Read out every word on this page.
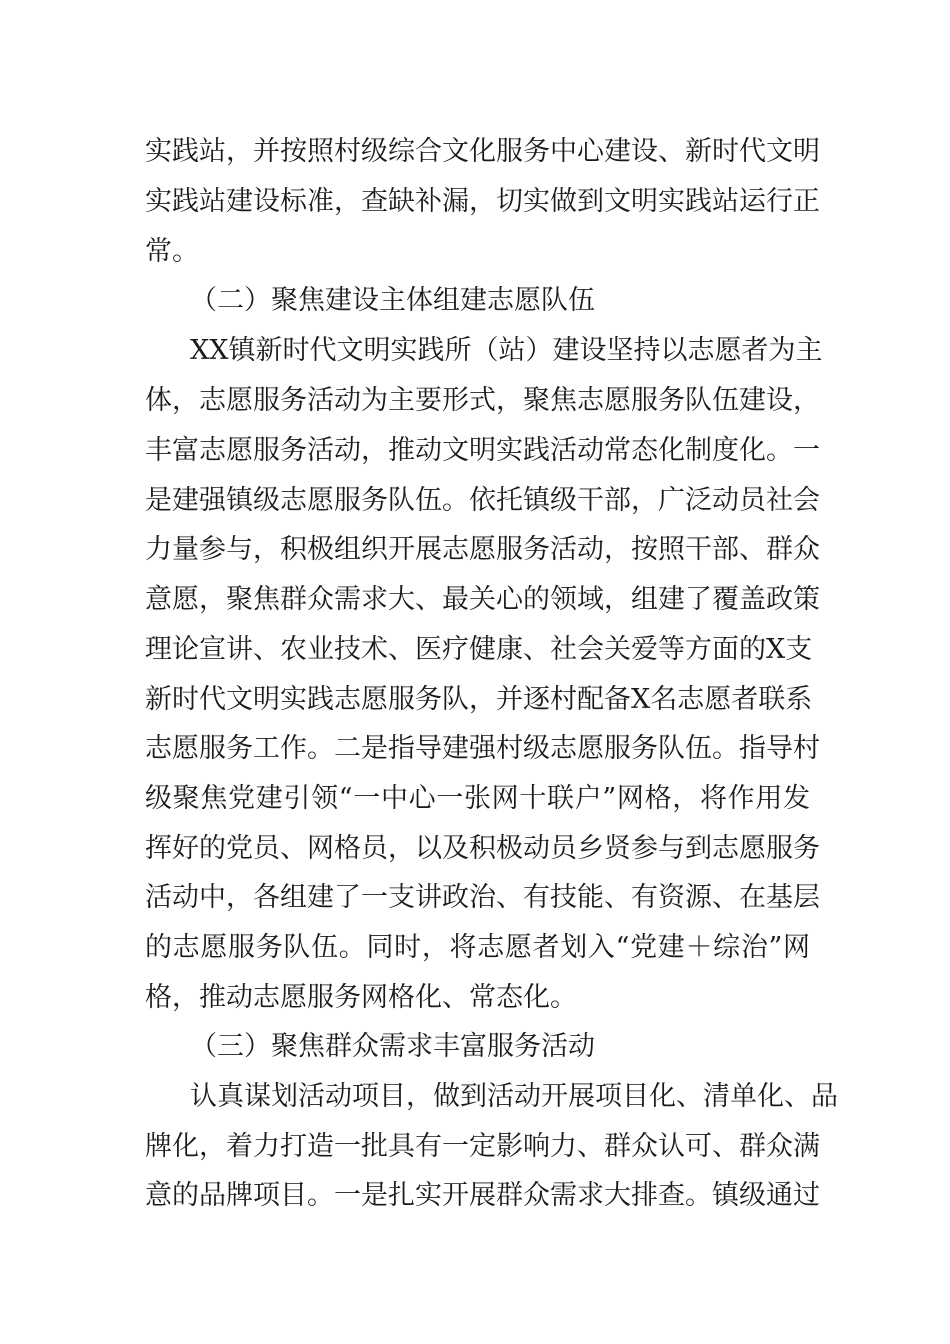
实践站，并按照村级综合文化服务中心建设、新时代文明
实践站建设标准，查缺补漏，切实做到文明实践站运行正
常。
（二）聚焦建设主体组建志愿队伍
XX镇新时代文明实践所（站）建设坚持以志愿者为主
体，志愿服务活动为主要形式，聚焦志愿服务队伍建设，
丰富志愿服务活动，推动文明实践活动常态化制度化。一
是建强镇级志愿服务队伍。依托镇级干部，广泛动员社会
力量参与，积极组织开展志愿服务活动，按照干部、群众
意愿，聚焦群众需求大、最关心的领域，组建了覆盖政策
理论宣讲、农业技术、医疗健康、社会关爱等方面的X支
新时代文明实践志愿服务队，并逐村配备X名志愿者联系
志愿服务工作。二是指导建强村级志愿服务队伍。指导村
级聚焦党建引领“一中心一张网十联户”网格，将作用发
挥好的党员、网格员，以及积极动员乡贤参与到志愿服务
活动中，各组建了一支讲政治、有技能、有资源、在基层
的志愿服务队伍。同时，将志愿者划入“党建＋综治”网
格，推动志愿服务网格化、常态化。
（三）聚焦群众需求丰富服务活动
认真谋划活动项目，做到活动开展项目化、清单化、品
牌化，着力打造一批具有一定影响力、群众认可、群众满
意的品牌项目。一是扎实开展群众需求大排查。镇级通过
